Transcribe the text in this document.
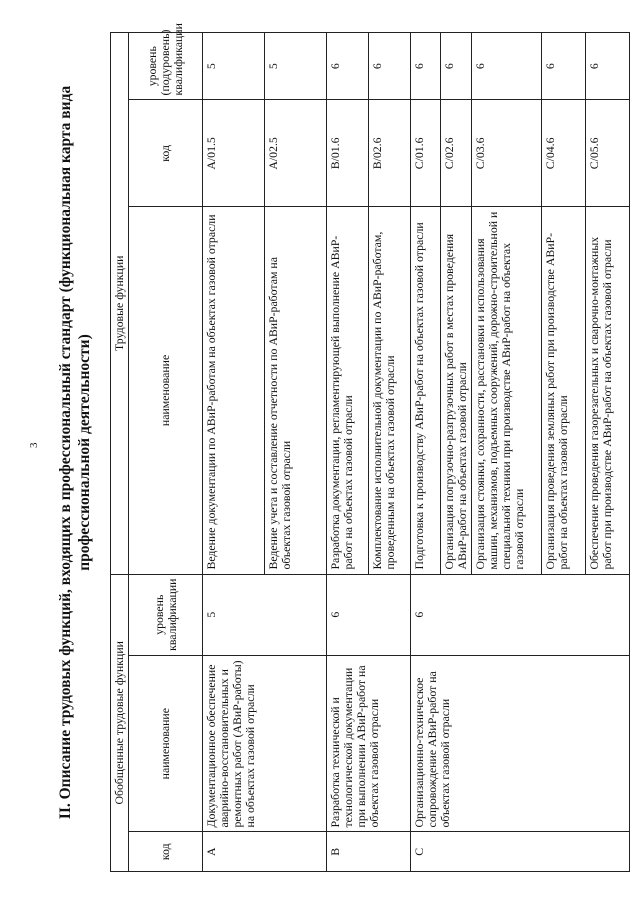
3 II. Описание трудовых функций, входящих в профессиональный стандарт (функциональная карта вида профессиональной деятельности)
Обобщенные трудовые функции			Трудовые функции		
код	наименование	уровень квалификации	наименование	код	уровень (подуровень) квалификации
A	Документационное обеспечение аварийно-восстановительных и ремонтных работ (АВиР-работы) на объектах газовой отрасли	5	Ведение документации по АВиР-работам на объектах газовой отрасли	A/01.5	5
			Ведение учета и составление отчетности по АВиР-работам на объектах газовой отрасли	A/02.5	5
B	Разработка технической и технологической документации при выполнении АВиР-работ на объектах газовой отрасли	6	Разработка документации, регламентирующей выполнение АВиР-работ на объектах газовой отрасли	B/01.6	6
			Комплектование исполнительной документации по АВиР-работам, проведенным на объектах газовой отрасли	B/02.6	6
C	Организационно-техническое сопровождение АВиР-работ на объектах газовой отрасли	6	Подготовка к производству АВиР-работ на объектах газовой отрасли	C/01.6	6
			Организация погрузочно-разгрузочных работ в местах проведения АВиР-работ на объектах газовой отрасли	C/02.6	6
			Организация стоянки, сохранности, расстановки и использования машин, механизмов, подъемных сооружений, дорожно-строительной и специальной техники при производстве АВиР-работ на объектах газовой отрасли	C/03.6	6
			Организация проведения земляных работ при производстве АВиР-работ на объектах газовой отрасли	C/04.6	6
			Обеспечение проведения газорезательных и сварочно-монтажных работ при производстве АВиР-работ на объектах газовой отрасли	C/05.6	6
